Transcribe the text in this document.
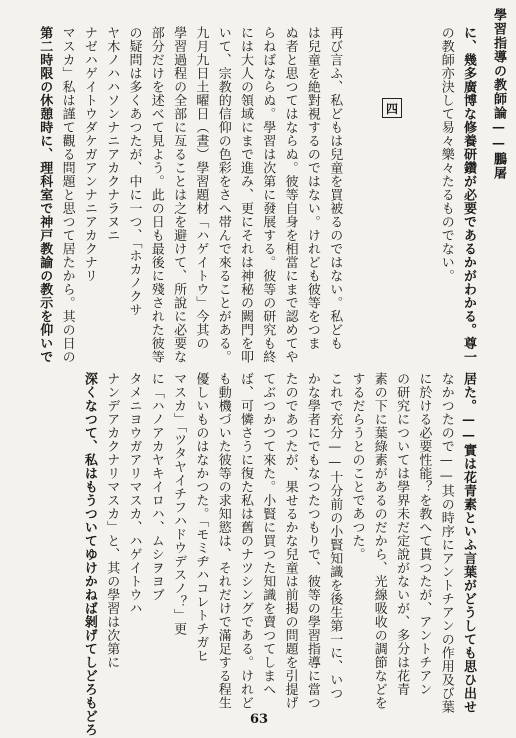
學習指導の教師論——鵬屠
四	に、幾多廣博な修養研鑽が必要であるかがわかる。尊一
の教師亦決して易々樂々たるものでない。
再び言ふ、私どもは兒童を買被るのではない。私ども
は兒童を絶對視するのではない。けれども彼等をつま
ぬ者と思つてはならぬ。彼等自身を相當にまで認めてや
らねばならぬ。學習は次第に發展する。彼等の研究も終
には大人の領域にまで進み、更にそれは神秘の闕門を叩
いて、宗教的信仰の色彩をさへ帯んで來ることがある。
九月九日土曜日（晝）學習題材「ハゲイトウ」今其の
學習過程の全部に亙ることは之を避けて、所說に必要な
部分だけを述べて見よう。此の日も最後に殘された彼等
の疑問は多くあつたが、中に一つ、「ホカノクサ
ヤ木ノハハソンナニアカクナラヌニ
ナゼハゲイトウダケガアンナニアカクナリ
マスカ」私は謹て觀る問題と思つて居たから。其の日の
第二時限の休憩時に、理科室で神戸教諭の教示を仰いで
居た。——實は花青素といふ言葉がどうしても思ひ出せ
なかつたので——其の時序にアントチアンの作用及び葉
に於ける必要性能？を教へて貰つたが、アントチアン
の研究については學界未だ定說がないが、多分は花青
素の下に葉綠素があるのだから、光線吸收の調節などを
するだらうとのことであつた。
これで充分——十分前の小賢知識を後生第一に、いつ
かな學者にでもなつたつもりで、彼等の學習指導に當つ
たのであつたが、果せるかな兒童は前掲の問題を引提げ
てぶつかつて來た。小賢に買つた知識を賣つてしまへ
ば、可憐さうに復た私は舊のナツシングである。けれど
も動機づいた彼等の求知慾は、それだけで滿足する程生
優しいものはなかつた。「モミヂハコレトチガヒ
マスカ」「ツタヤイチフハドウデスノ？」更
に「ハノアカヤキイロハ、ムシヲヨブ
タメニヨウガアリマスカ、ハゲイトウハ
ナンデアカクナリマスカ」と、其の學習は次第に
深くなつて、私はもうついてゆけかねば剝げてしどろもどろ	63
